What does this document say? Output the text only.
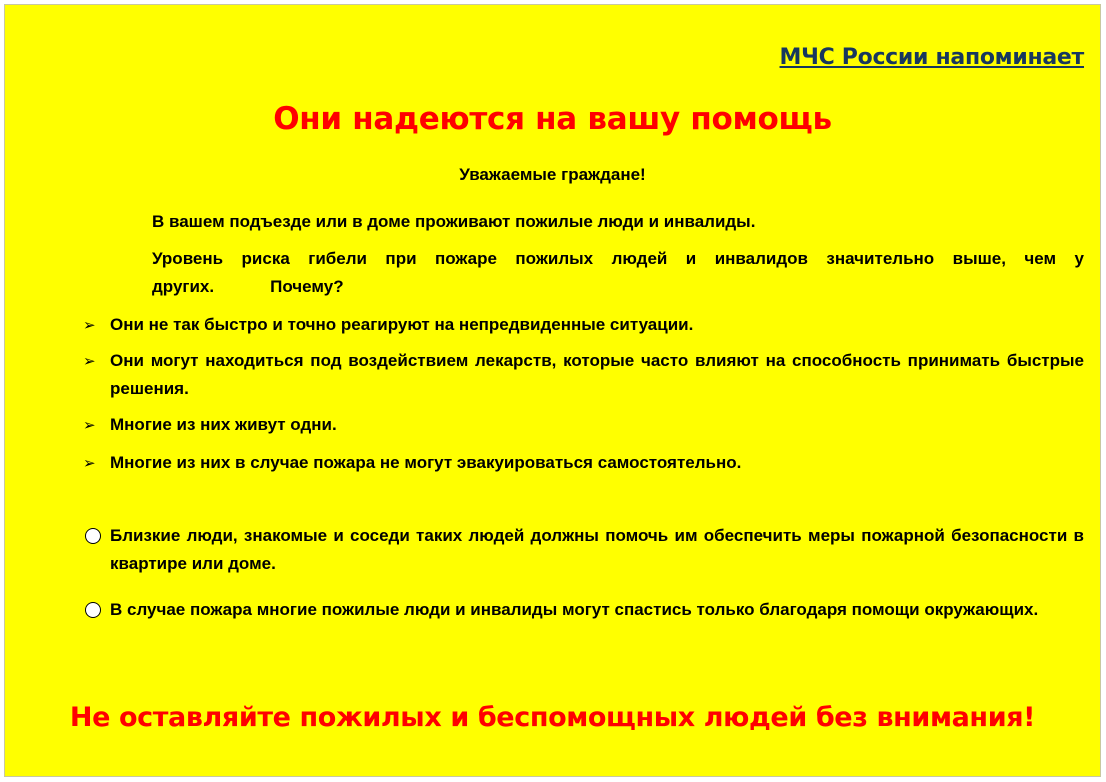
МЧС России напоминает
Они надеются на вашу помощь
Уважаемые граждане!
В вашем подъезде или в доме проживают пожилые люди и инвалиды.
Уровень риска гибели при пожаре пожилых людей и инвалидов значительно выше, чем у других.	Почему?
➢ Они не так быстро и точно реагируют на непредвиденные ситуации.
➢ Они могут находиться под воздействием лекарств, которые часто влияют на способность принимать быстрые решения.
➢ Многие из них живут одни.
➢ Многие из них в случае пожара не могут эвакуироваться самостоятельно.
Близкие люди, знакомые и соседи таких людей должны помочь им обеспечить меры пожарной безопасности в квартире или доме.
В случае пожара многие пожилые люди и инвалиды могут спастись только благодаря помощи окружающих.
Не оставляйте пожилых и беспомощных людей без внимания!
